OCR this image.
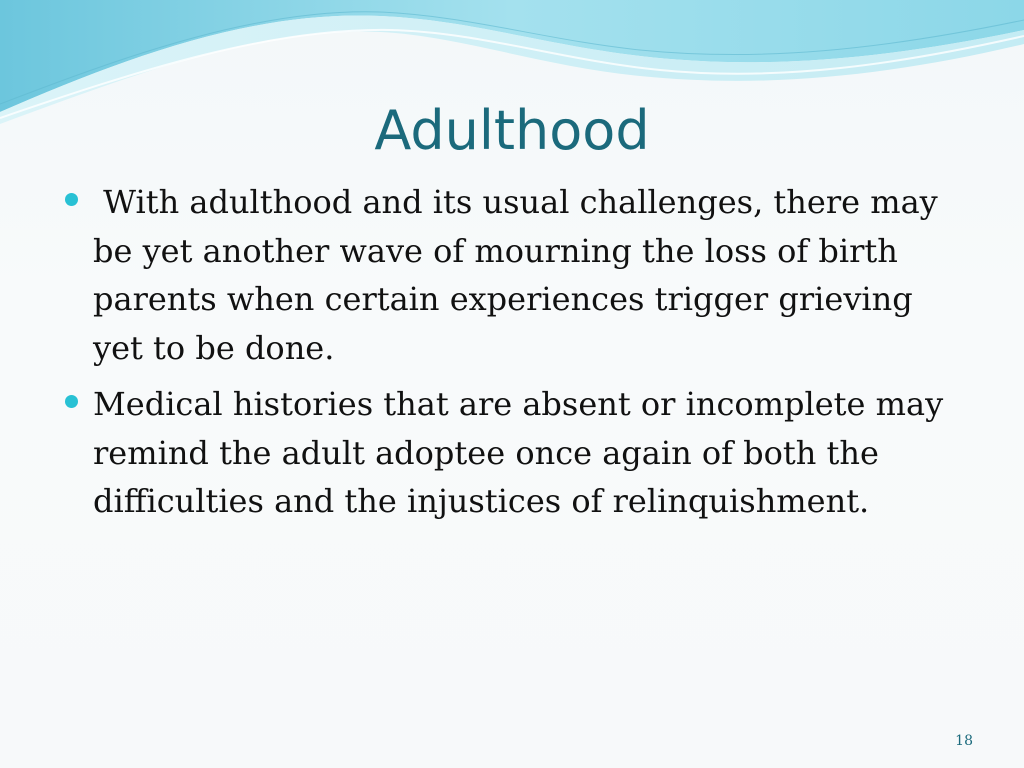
Adulthood
With adulthood and its usual challenges, there may be yet another wave of mourning the loss of birth parents when certain experiences trigger grieving yet to be done.
Medical histories that are absent or incomplete may remind the adult adoptee once again of both the difficulties and the injustices of relinquishment.
18
